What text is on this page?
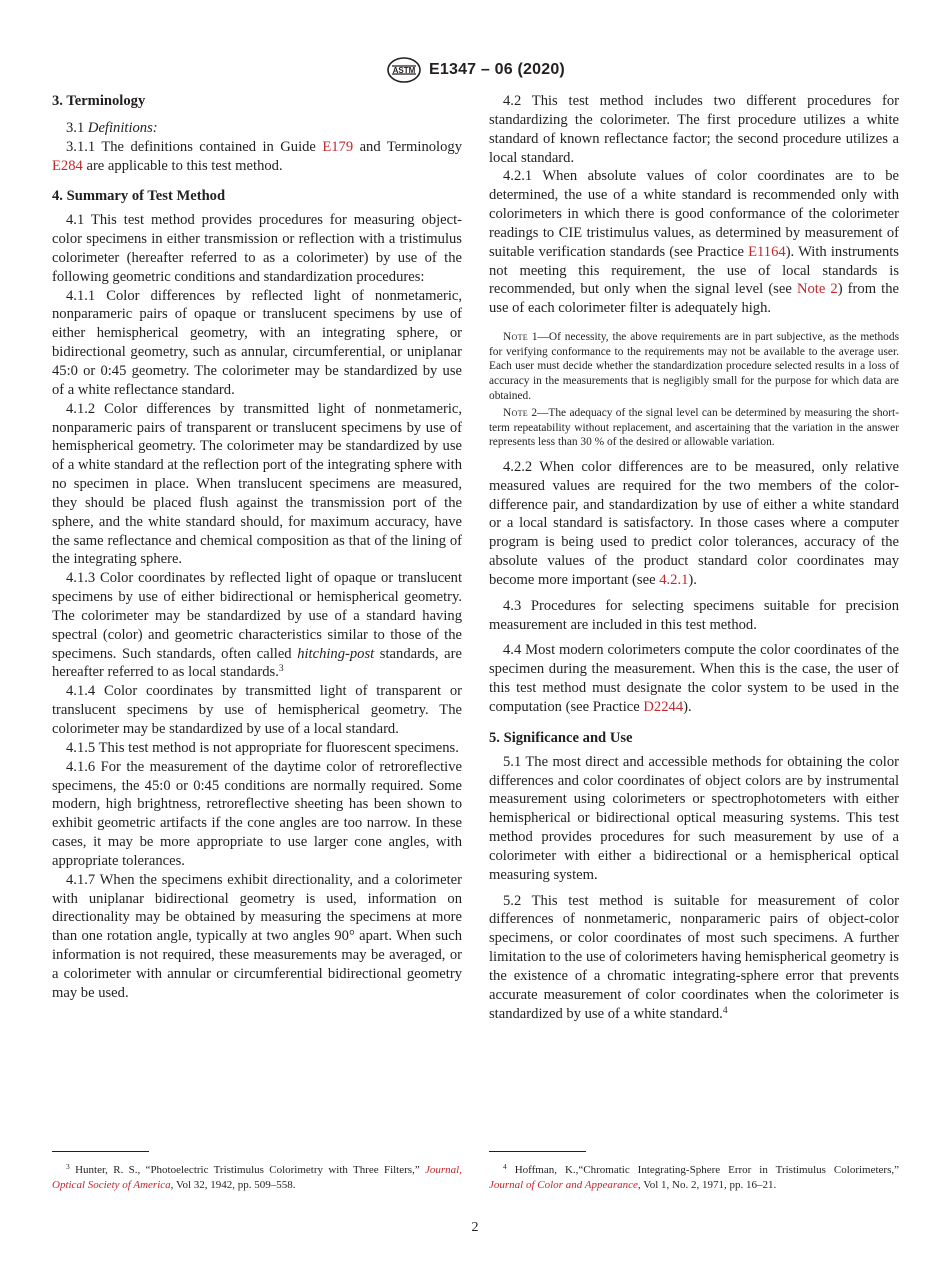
ASTM E1347 – 06 (2020)
3. Terminology

3.1 Definitions:

3.1.1 The definitions contained in Guide E179 and Terminology E284 are applicable to this test method.

4. Summary of Test Method

4.1 This test method provides procedures for measuring object-color specimens in either transmission or reflection with a tristimulus colorimeter (hereafter referred to as a colorimeter) by use of the following geometric conditions and standardization procedures:

4.1.1 Color differences by reflected light of nonmetameric, nonparameric pairs of opaque or translucent specimens by use of either hemispherical geometry, with an integrating sphere, or bidirectional geometry, such as annular, circumferential, or uniplanar 45:0 or 0:45 geometry. The colorimeter may be standardized by use of a white reflectance standard.

4.1.2 Color differences by transmitted light of nonmetameric, nonparameric pairs of transparent or translucent specimens by use of hemispherical geometry. The colorimeter may be standardized by use of a white standard at the reflection port of the integrating sphere with no specimen in place. When translucent specimens are measured, they should be placed flush against the transmission port of the sphere, and the white standard should, for maximum accuracy, have the same reflectance and chemical composition as that of the lining of the integrating sphere.

4.1.3 Color coordinates by reflected light of opaque or translucent specimens by use of either bidirectional or hemispherical geometry. The colorimeter may be standardized by use of a standard having spectral (color) and geometric characteristics similar to those of the specimens. Such standards, often called hitching-post standards, are hereafter referred to as local standards.$^3$

4.1.4 Color coordinates by transmitted light of transparent or translucent specimens by use of hemispherical geometry. The colorimeter may be standardized by use of a local standard.

4.1.5 This test method is not appropriate for fluorescent specimens.

4.1.6 For the measurement of the daytime color of retroreflective specimens, the 45:0 or 0:45 conditions are normally required. Some modern, high brightness, retroreflective sheeting has been shown to exhibit geometric artifacts if the cone angles are too narrow. In these cases, it may be more appropriate to use larger cone angles, with appropriate tolerances.

4.1.7 When the specimens exhibit directionality, and a colorimeter with uniplanar bidirectional geometry is used, information on directionality may be obtained by measuring the specimens at more than one rotation angle, typically at two angles 90° apart. When such information is not required, these measurements may be averaged, or a colorimeter with annular or circumferential bidirectional geometry may be used.

4.2 This test method includes two different procedures for standardizing the colorimeter. The first procedure utilizes a white standard of known reflectance factor; the second procedure utilizes a local standard.

4.2.1 When absolute values of color coordinates are to be determined, the use of a white standard is recommended only with colorimeters in which there is good conformance of the colorimeter readings to CIE tristimulus values, as determined by measurement of suitable verification standards (see Practice E1164). With instruments not meeting this requirement, the use of local standards is recommended, but only when the signal level (see Note 2) from the use of each colorimeter filter is adequately high.

Note 1—Of necessity, the above requirements are in part subjective, as the methods for verifying conformance to the requirements may not be available to the average user. Each user must decide whether the standardization procedure selected results in a loss of accuracy in the measurements that is negligibly small for the purpose for which data are obtained.

Note 2—The adequacy of the signal level can be determined by measuring the short-term repeatability without replacement, and ascertaining that the variation in the answer represents less than 30 % of the desired or allowable variation.

4.2.2 When color differences are to be measured, only relative measured values are required for the two members of the color-difference pair, and standardization by use of either a white standard or a local standard is satisfactory. In those cases where a computer program is being used to predict color tolerances, accuracy of the absolute values of the product standard color coordinates may become more important (see 4.2.1).

4.3 Procedures for selecting specimens suitable for precision measurement are included in this test method.

4.4 Most modern colorimeters compute the color coordinates of the specimen during the measurement. When this is the case, the user of this test method must designate the color system to be used in the computation (see Practice D2244).

5. Significance and Use

5.1 The most direct and accessible methods for obtaining the color differences and color coordinates of object colors are by instrumental measurement using colorimeters or spectrophotometers with either hemispherical or bidirectional optical measuring systems. This test method provides procedures for such measurement by use of a colorimeter with either a bidirectional or a hemispherical optical measuring system.

5.2 This test method is suitable for measurement of color differences of nonmetameric, nonparameric pairs of object-color specimens, or color coordinates of most such specimens. A further limitation to the use of colorimeters having hemispherical geometry is the existence of a chromatic integrating-sphere error that prevents accurate measurement of color coordinates when the colorimeter is standardized by use of a white standard.$^4$

$^3$ Hunter, R. S., “Photoelectric Tristimulus Colorimetry with Three Filters,” Journal, Optical Society of America, Vol 32, 1942, pp. 509–558.
$^4$ Hoffman, K.,“Chromatic Integrating-Sphere Error in Tristimulus Colorimeters,” Journal of Color and Appearance, Vol 1, No. 2, 1971, pp. 16–21.
2
